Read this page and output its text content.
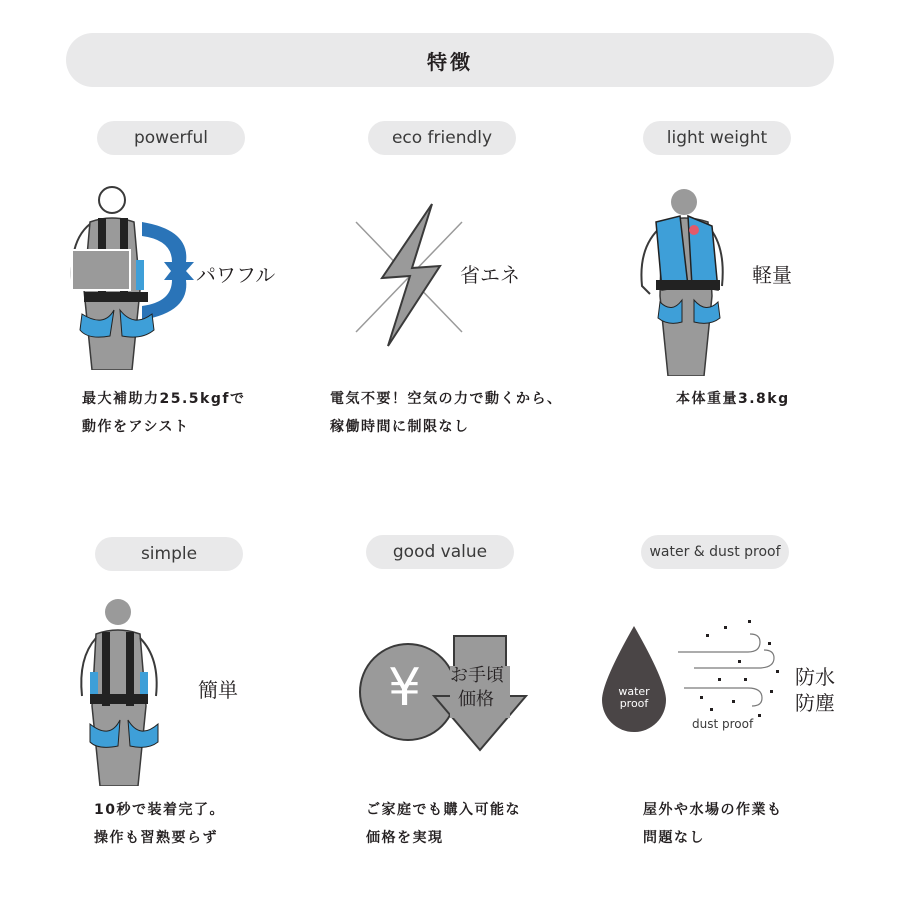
特徴
powerful
パワフル
最大補助力25.5kgfで
動作をアシスト
eco friendly
省エネ
電気不要！空気の力で動くから、
稼働時間に制限なし
light weight
軽量
本体重量3.8kg
simple
簡単
10秒で装着完了。
操作も習熟要らず
good value
¥ お手頃
価格
ご家庭でも購入可能な
価格を実現
water & dust proof
water
proof
dust proof
防水
防塵
屋外や水場の作業も
問題なし
